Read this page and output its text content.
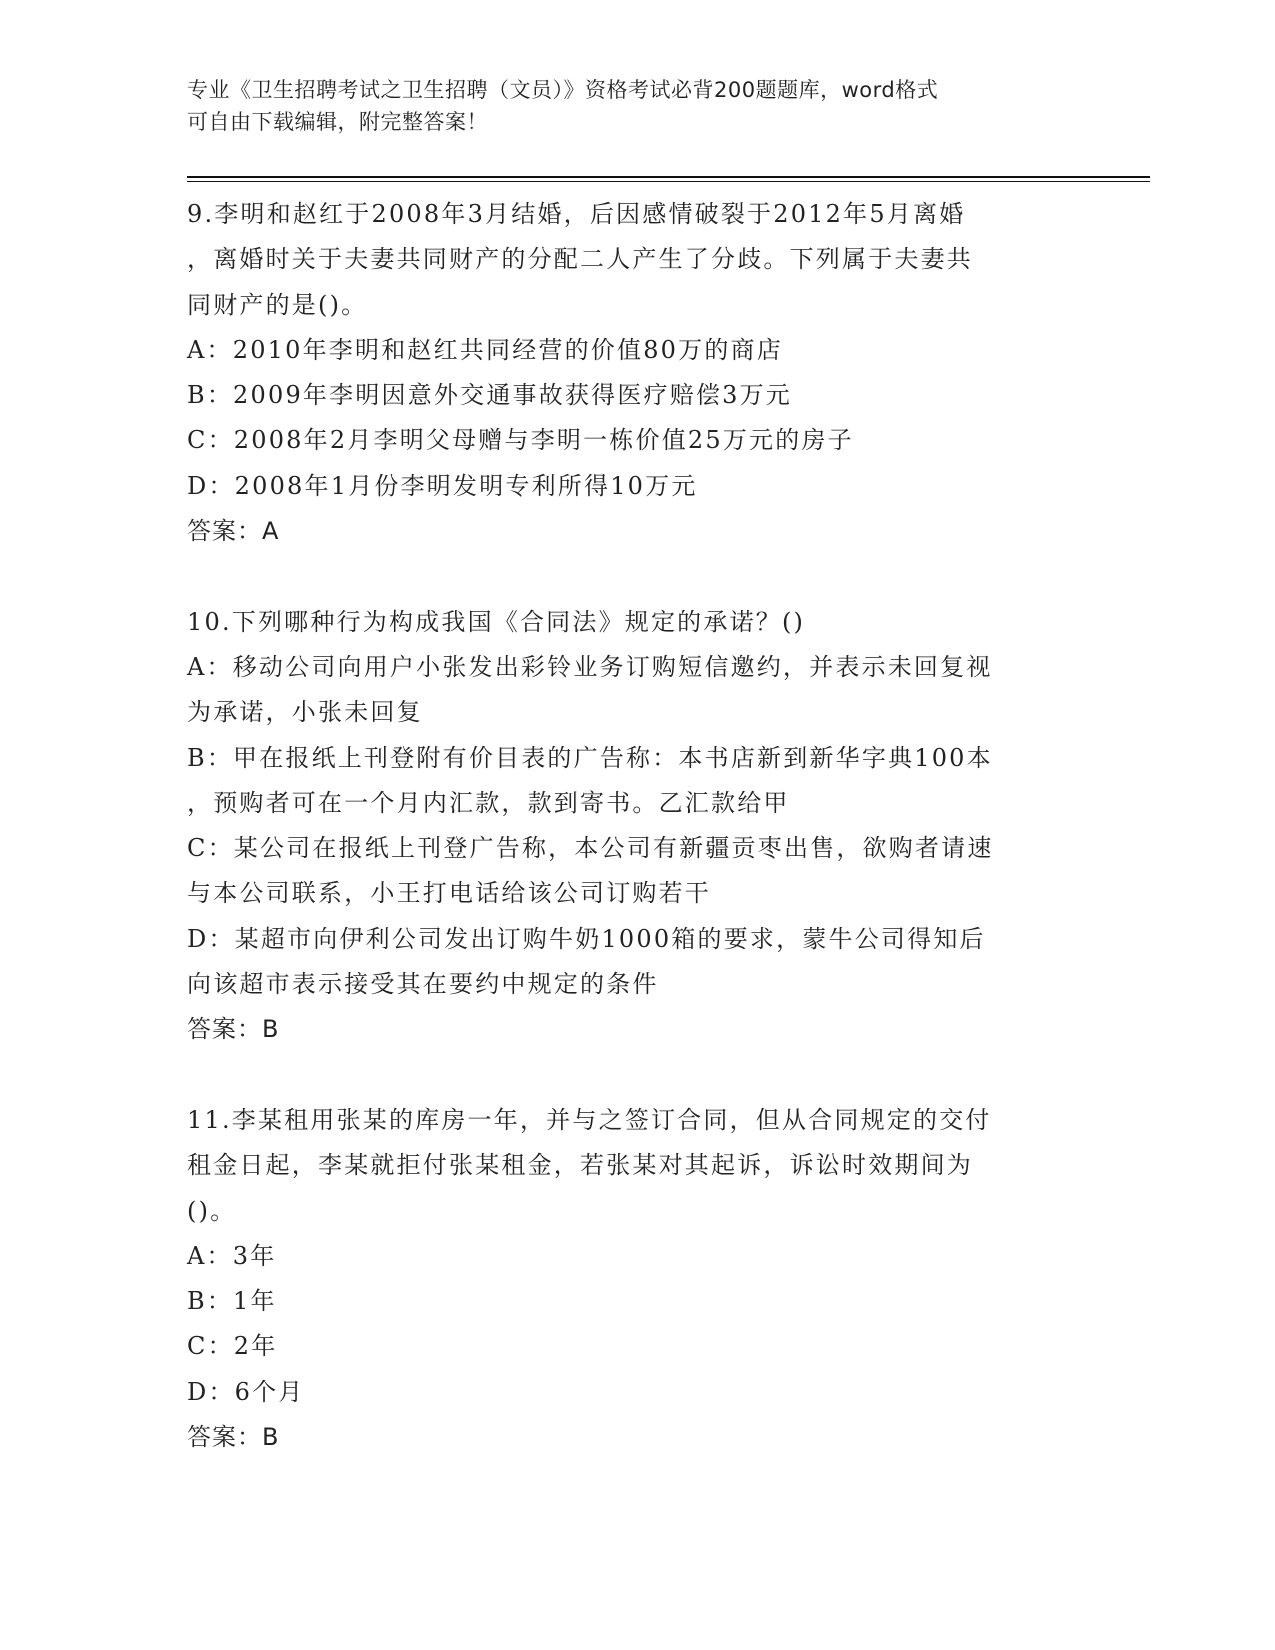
专业《卫生招聘考试之卫生招聘（文员）》资格考试必背200题题库，word格式
可自由下载编辑，附完整答案！
9.李明和赵红于2008年3月结婚，后因感情破裂于2012年5月离婚
，离婚时关于夫妻共同财产的分配二人产生了分歧。下列属于夫妻共
同财产的是()。
A：2010年李明和赵红共同经营的价值80万的商店
B：2009年李明因意外交通事故获得医疗赔偿3万元
C：2008年2月李明父母赠与李明一栋价值25万元的房子
D：2008年1月份李明发明专利所得10万元
答案：A
10.下列哪种行为构成我国《合同法》规定的承诺？()
A：移动公司向用户小张发出彩铃业务订购短信邀约，并表示未回复视
为承诺，小张未回复
B：甲在报纸上刊登附有价目表的广告称：本书店新到新华字典100本
，预购者可在一个月内汇款，款到寄书。乙汇款给甲
C：某公司在报纸上刊登广告称，本公司有新疆贡枣出售，欲购者请速
与本公司联系，小王打电话给该公司订购若干
D：某超市向伊利公司发出订购牛奶1000箱的要求，蒙牛公司得知后
向该超市表示接受其在要约中规定的条件
答案：B
11.李某租用张某的库房一年，并与之签订合同，但从合同规定的交付
租金日起，李某就拒付张某租金，若张某对其起诉，诉讼时效期间为
()。
A：3年
B：1年
C：2年
D：6个月
答案：B
